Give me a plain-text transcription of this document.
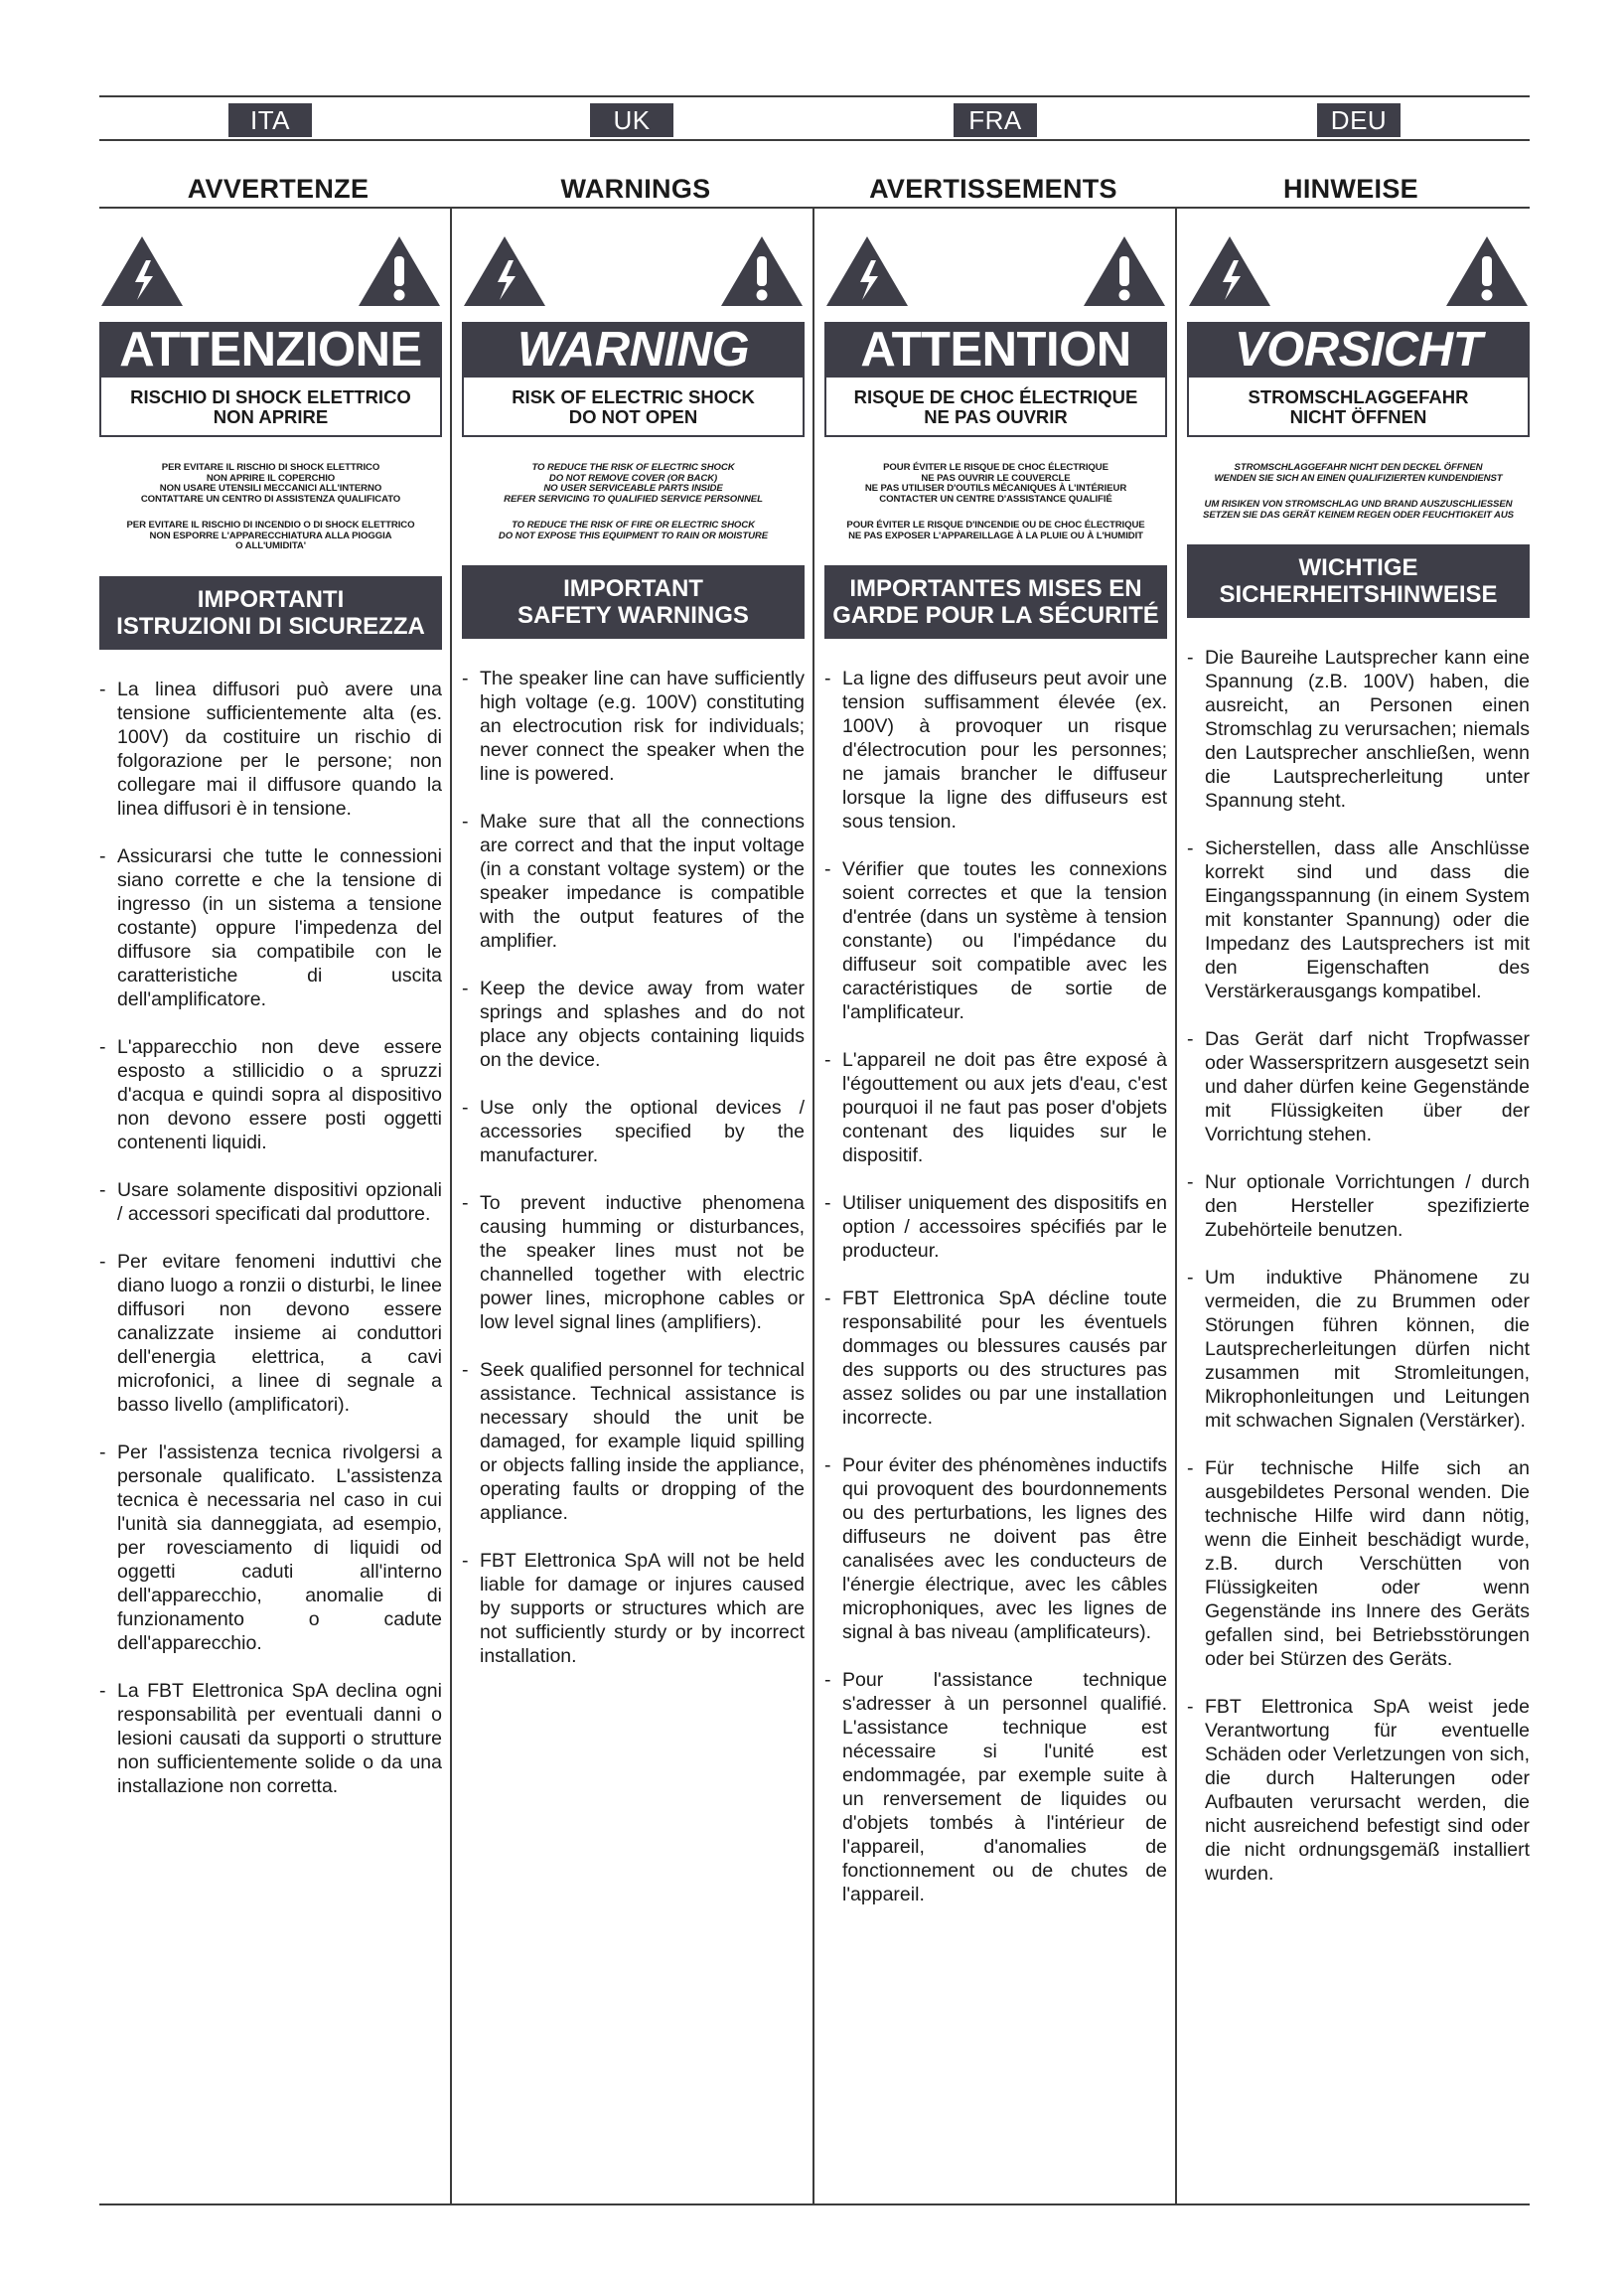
ITA	UK	FRA	DEU
AVVERTENZE	WARNINGS	AVERTISSEMENTS	HINWEISE
ATTENZIONE
RISCHIO DI SHOCK ELETTRICO
NON APRIRE
PER EVITARE IL RISCHIO DI SHOCK ELETTRICO
NON APRIRE IL COPERCHIO
NON USARE UTENSILI MECCANICI ALL'INTERNO
CONTATTARE UN CENTRO DI ASSISTENZA QUALIFICATO
PER EVITARE IL RISCHIO DI INCENDIO O DI SHOCK ELETTRICO
NON ESPORRE L'APPARECCHIATURA ALLA PIOGGIA
O ALL'UMIDITA'
IMPORTANTI
ISTRUZIONI DI SICUREZZA
- La linea diffusori può avere una tensione sufficientemente alta (es. 100V) da costituire un rischio di folgorazione per le persone; non collegare mai il diffusore quando la linea diffusori è in tensione.
- Assicurarsi che tutte le connessioni siano corrette e che la tensione di ingresso (in un sistema a tensione costante) oppure l'impedenza del diffusore sia compatibile con le caratteristiche di uscita dell'amplificatore.
- L'apparecchio non deve essere esposto a stillicidio o a spruzzi d'acqua e quindi sopra al dispositivo non devono essere posti oggetti contenenti liquidi.
- Usare solamente dispositivi opzionali / accessori specificati dal produttore.
- Per evitare fenomeni induttivi che diano luogo a ronzii o disturbi, le linee diffusori non devono essere canalizzate insieme ai conduttori dell'energia elettrica, a cavi microfonici, a linee di segnale a basso livello (amplificatori).
- Per l'assistenza tecnica rivolgersi a personale qualificato. L'assistenza tecnica è necessaria nel caso in cui l'unità sia danneggiata, ad esempio, per rovesciamento di liquidi od oggetti caduti all'interno dell'apparecchio, anomalie di funzionamento o cadute dell'apparecchio.
- La FBT Elettronica SpA declina ogni responsabilità per eventuali danni o lesioni causati da supporti o strutture non sufficientemente solide o da una installazione non corretta.
WARNING
RISK OF ELECTRIC SHOCK
DO NOT OPEN
TO REDUCE THE RISK OF ELECTRIC SHOCK
DO NOT REMOVE COVER (OR BACK)
NO USER SERVICEABLE PARTS INSIDE
REFER SERVICING TO QUALIFIED SERVICE PERSONNEL
TO REDUCE THE RISK OF FIRE OR ELECTRIC SHOCK
DO NOT EXPOSE THIS EQUIPMENT TO RAIN OR MOISTURE
IMPORTANT
SAFETY WARNINGS
- The speaker line can have sufficiently high voltage (e.g. 100V) constituting an electrocution risk for individuals; never connect the speaker when the line is powered.
- Make sure that all the connections are correct and that the input voltage (in a constant voltage system) or the speaker impedance is compatible with the output features of the amplifier.
- Keep the device away from water springs and splashes and do not place any objects containing liquids on the device.
- Use only the optional devices / accessories specified by the manufacturer.
- To prevent inductive phenomena causing humming or disturbances, the speaker lines must not be channelled together with electric power lines, microphone cables or low level signal lines (amplifiers).
- Seek qualified personnel for technical assistance. Technical assistance is necessary should the unit be damaged, for example liquid spilling or objects falling inside the appliance, operating faults or dropping of the appliance.
- FBT Elettronica SpA will not be held liable for damage or injures caused by supports or structures which are not sufficiently sturdy or by incorrect installation.
ATTENTION
RISQUE DE CHOC ÉLECTRIQUE
NE PAS OUVRIR
POUR ÉVITER LE RISQUE DE CHOC ÉLECTRIQUE
NE PAS OUVRIR LE COUVERCLE
NE PAS UTILISER D'OUTILS MÉCANIQUES À L'INTÉRIEUR
CONTACTER UN CENTRE D'ASSISTANCE QUALIFIÉ
POUR ÉVITER LE RISQUE D'INCENDIE OU DE CHOC ÉLECTRIQUE
NE PAS EXPOSER L'APPAREILLAGE À LA PLUIE OU À L'HUMIDIT
IMPORTANTES MISES EN
GARDE POUR LA SÉCURITÉ
- La ligne des diffuseurs peut avoir une tension suffisamment élevée (ex. 100V) à provoquer un risque d'électrocution pour les personnes; ne jamais brancher le diffuseur lorsque la ligne des diffuseurs est sous tension.
- Vérifier que toutes les connexions soient correctes et que la tension d'entrée (dans un système à tension constante) ou l'impédance du diffuseur soit compatible avec les caractéristiques de sortie de l'amplificateur.
- L'appareil ne doit pas être exposé à l'égouttement ou aux jets d'eau, c'est pourquoi il ne faut pas poser d'objets contenant des liquides sur le dispositif.
- Utiliser uniquement des dispositifs en option / accessoires spécifiés par le producteur.
- FBT Elettronica SpA décline toute responsabilité pour les éventuels dommages ou blessures causés par des supports ou des structures pas assez solides ou par une installation incorrecte.
- Pour éviter des phénomènes inductifs qui provoquent des bourdonnements ou des perturbations, les lignes des diffuseurs ne doivent pas être canalisées avec les conducteurs de l'énergie électrique, avec les câbles microphoniques, avec les lignes de signal à bas niveau (amplificateurs).
- Pour l'assistance technique s'adresser à un personnel qualifié. L'assistance technique est nécessaire si l'unité est endommagée, par exemple suite à un renversement de liquides ou d'objets tombés à l'intérieur de l'appareil, d'anomalies de fonctionnement ou de chutes de l'appareil.
VORSICHT
STROMSCHLAGGEFAHR
NICHT ÖFFNEN
STROMSCHLAGGEFAHR NICHT DEN DECKEL ÖFFNEN
WENDEN SIE SICH AN EINEN QUALIFIZIERTEN KUNDENDIENST
UM RISIKEN VON STROMSCHLAG UND BRAND AUSZUSCHLIESSEN
SETZEN SIE DAS GERÄT KEINEM REGEN ODER FEUCHTIGKEIT AUS
WICHTIGE
SICHERHEITSHINWEISE
- Die Baureihe Lautsprecher kann eine Spannung (z.B. 100V) haben, die ausreicht, an Personen einen Stromschlag zu verursachen; niemals den Lautsprecher anschließen, wenn die Lautsprecherleitung unter Spannung steht.
- Sicherstellen, dass alle Anschlüsse korrekt sind und dass die Eingangsspannung (in einem System mit konstanter Spannung) oder die Impedanz des Lautsprechers ist mit den Eigenschaften des Verstärkerausgangs kompatibel.
- Das Gerät darf nicht Tropfwasser oder Wasserspritzern ausgesetzt sein und daher dürfen keine Gegenstände mit Flüssigkeiten über der Vorrichtung stehen.
- Nur optionale Vorrichtungen / durch den Hersteller spezifizierte Zubehörteile benutzen.
- Um induktive Phänomene zu vermeiden, die zu Brummen oder Störungen führen können, die Lautsprecherleitungen dürfen nicht zusammen mit Stromleitungen, Mikrophonleitungen und Leitungen mit schwachen Signalen (Verstärker).
- Für technische Hilfe sich an ausgebildetes Personal wenden. Die technische Hilfe wird dann nötig, wenn die Einheit beschädigt wurde, z.B. durch Verschütten von Flüssigkeiten oder wenn Gegenstände ins Innere des Geräts gefallen sind, bei Betriebsstörungen oder bei Stürzen des Geräts.
- FBT Elettronica SpA weist jede Verantwortung für eventuelle Schäden oder Verletzungen von sich, die durch Halterungen oder Aufbauten verursacht werden, die nicht ausreichend befestigt sind oder die nicht ordnungsgemäß installiert wurden.
